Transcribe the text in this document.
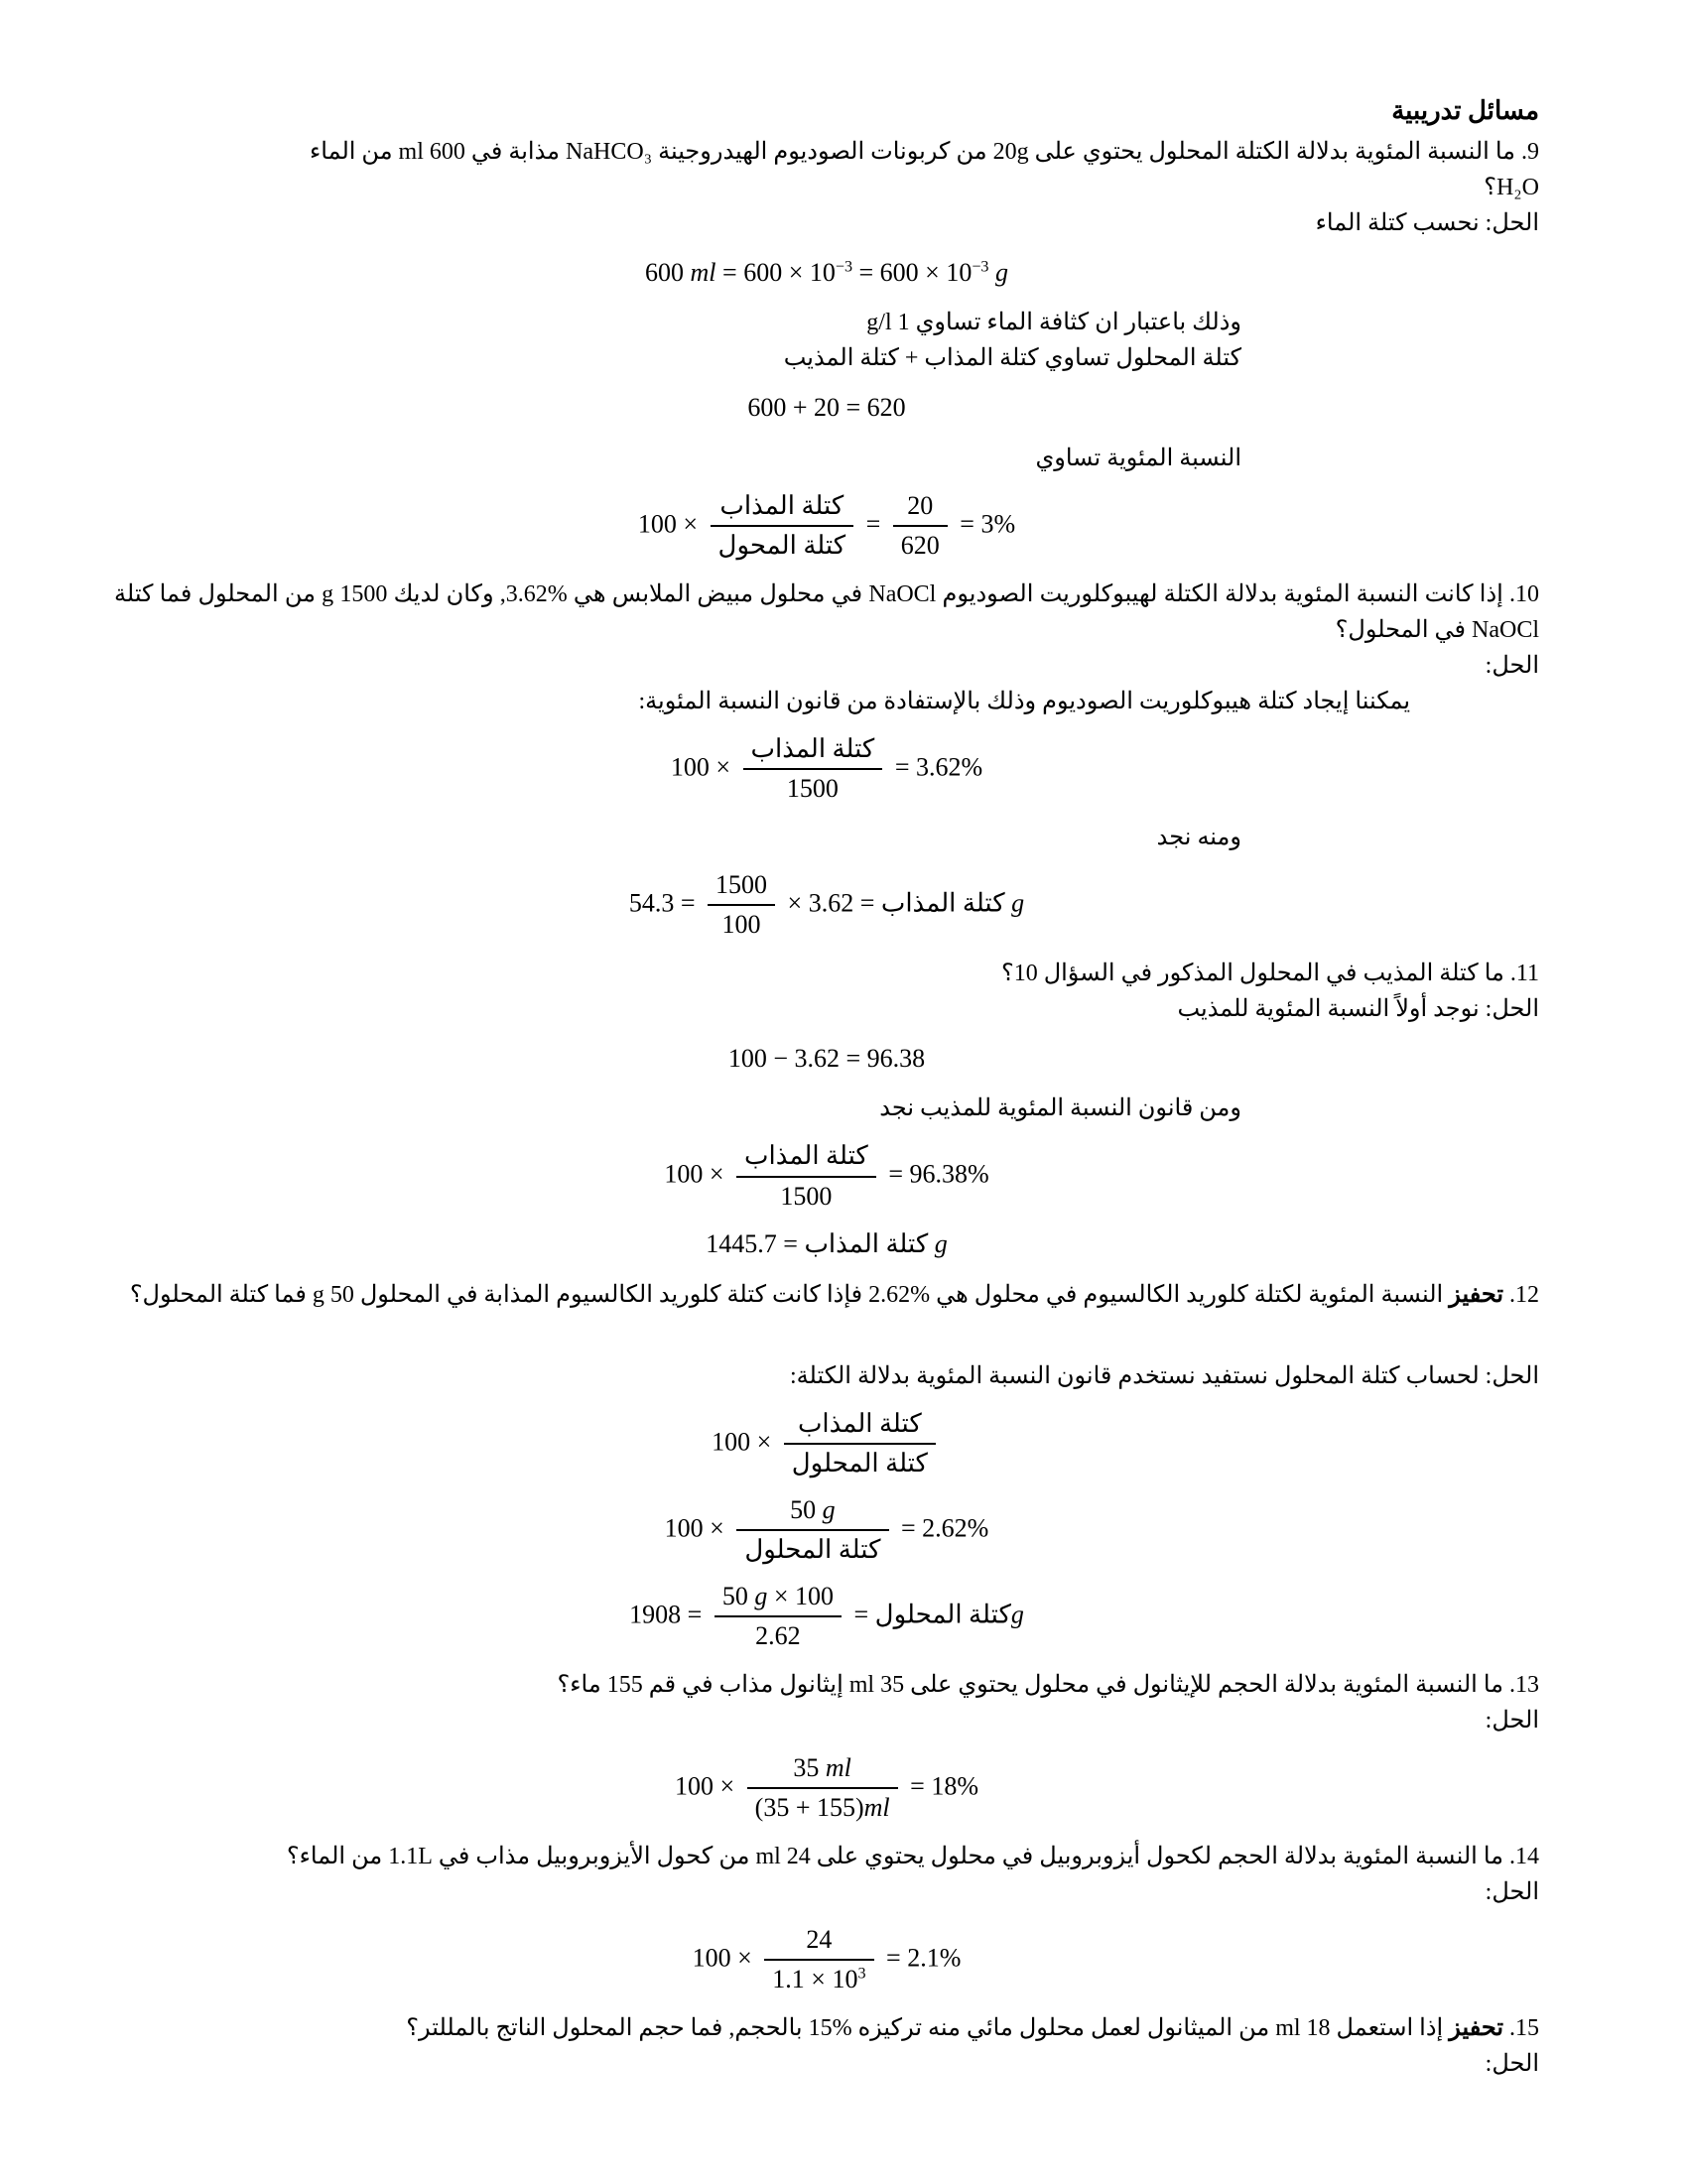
مسائل تدريبية

9. ما النسبة المئوية بدلالة الكتلة المحلول يحتوي على 20g من كربونات الصوديوم الهيدروجينة NaHCO₃ مذابة في 600 ml من الماء

H₂O؟

الحل: نحسب كتلة الماء

600 ml = $600 \times 10^{-3} = 600 \times 10^{-3}$ g

وذلك باعتبار ان كثافة الماء تساوي 1 g/l

كتلة المحلول تساوي كتلة المذاب + كتلة المذيب

600 + 20 = 620

النسبة المئوية تساوي

$100 \times \frac{\text{كتلة المذاب}}{\text{كتلة المحول}} = \frac{20}{620} = 3\%$

10. إذا كانت النسبة المئوية بدلالة الكتلة لهيبوكلوريت الصوديوم NaOCl في محلول مبيض الملابس هي %3.62, وكان لديك 1500 g من المحلول فما كتلة NaOCl في المحلول؟

الحل:

يمكننا إيجاد كتلة هيبوكلوريت الصوديوم وذلك بالإستفادة من قانون النسبة المئوية:

$100 \times \frac{\text{كتلة المذاب}}{1500} = 3.62\%$

ومنه نجد

كتلة المذاب = 3.62 ×
$\frac{1500}{100}$
= 54.3 g

11. ما كتلة المذيب في المحلول المذكور في السؤال 10؟

الحل: نوجد أولاً النسبة المئوية للمذيب

100 − 3.62 = 96.38

ومن قانون النسبة المئوية للمذيب نجد

$100 \times \frac{\text{كتلة المذاب}}{1500} = 96.38\%$
كتلة المذاب = 1445.7 g

12. تحفيز النسبة المئوية لكتلة كلوريد الكالسيوم في محلول هي %2.62 فإذا كانت كتلة كلوريد الكالسيوم المذابة في المحلول 50 g فما كتلة المحلول؟

الحل: لحساب كتلة المحلول نستفيد نستخدم قانون النسبة المئوية بدلالة الكتلة:

$100 \times \frac{\text{كتلة المذاب}}{\text{كتلة المحلول}}$
$100 \times \frac{50 g}{\text{كتلة المحلول}} = 2.62\%$
كتلة المحلول =
$\frac{50 g \times 100}{2.62}$
= 1908	g

13. ما النسبة المئوية بدلالة الحجم للإيثانول في محلول يحتوي على 35 ml إيثانول مذاب في قم 155 ماء؟

الحل:

$100 \times \frac{35 ml}{(35 + 155)ml} = 18\%$

14. ما النسبة المئوية بدلالة الحجم لكحول أيزوبروبيل في محلول يحتوي على 24 ml من كحول الأيزوبروبيل مذاب في 1.1L من الماء؟

الحل:

$100 \times \frac{24}{1.1 \times 10^3} = 2.1\%$

15. تحفيز إذا استعمل 18 ml من الميثانول لعمل محلول مائي منه تركيزه %15 بالحجم, فما حجم المحلول الناتج بالمللتر؟

الحل:
